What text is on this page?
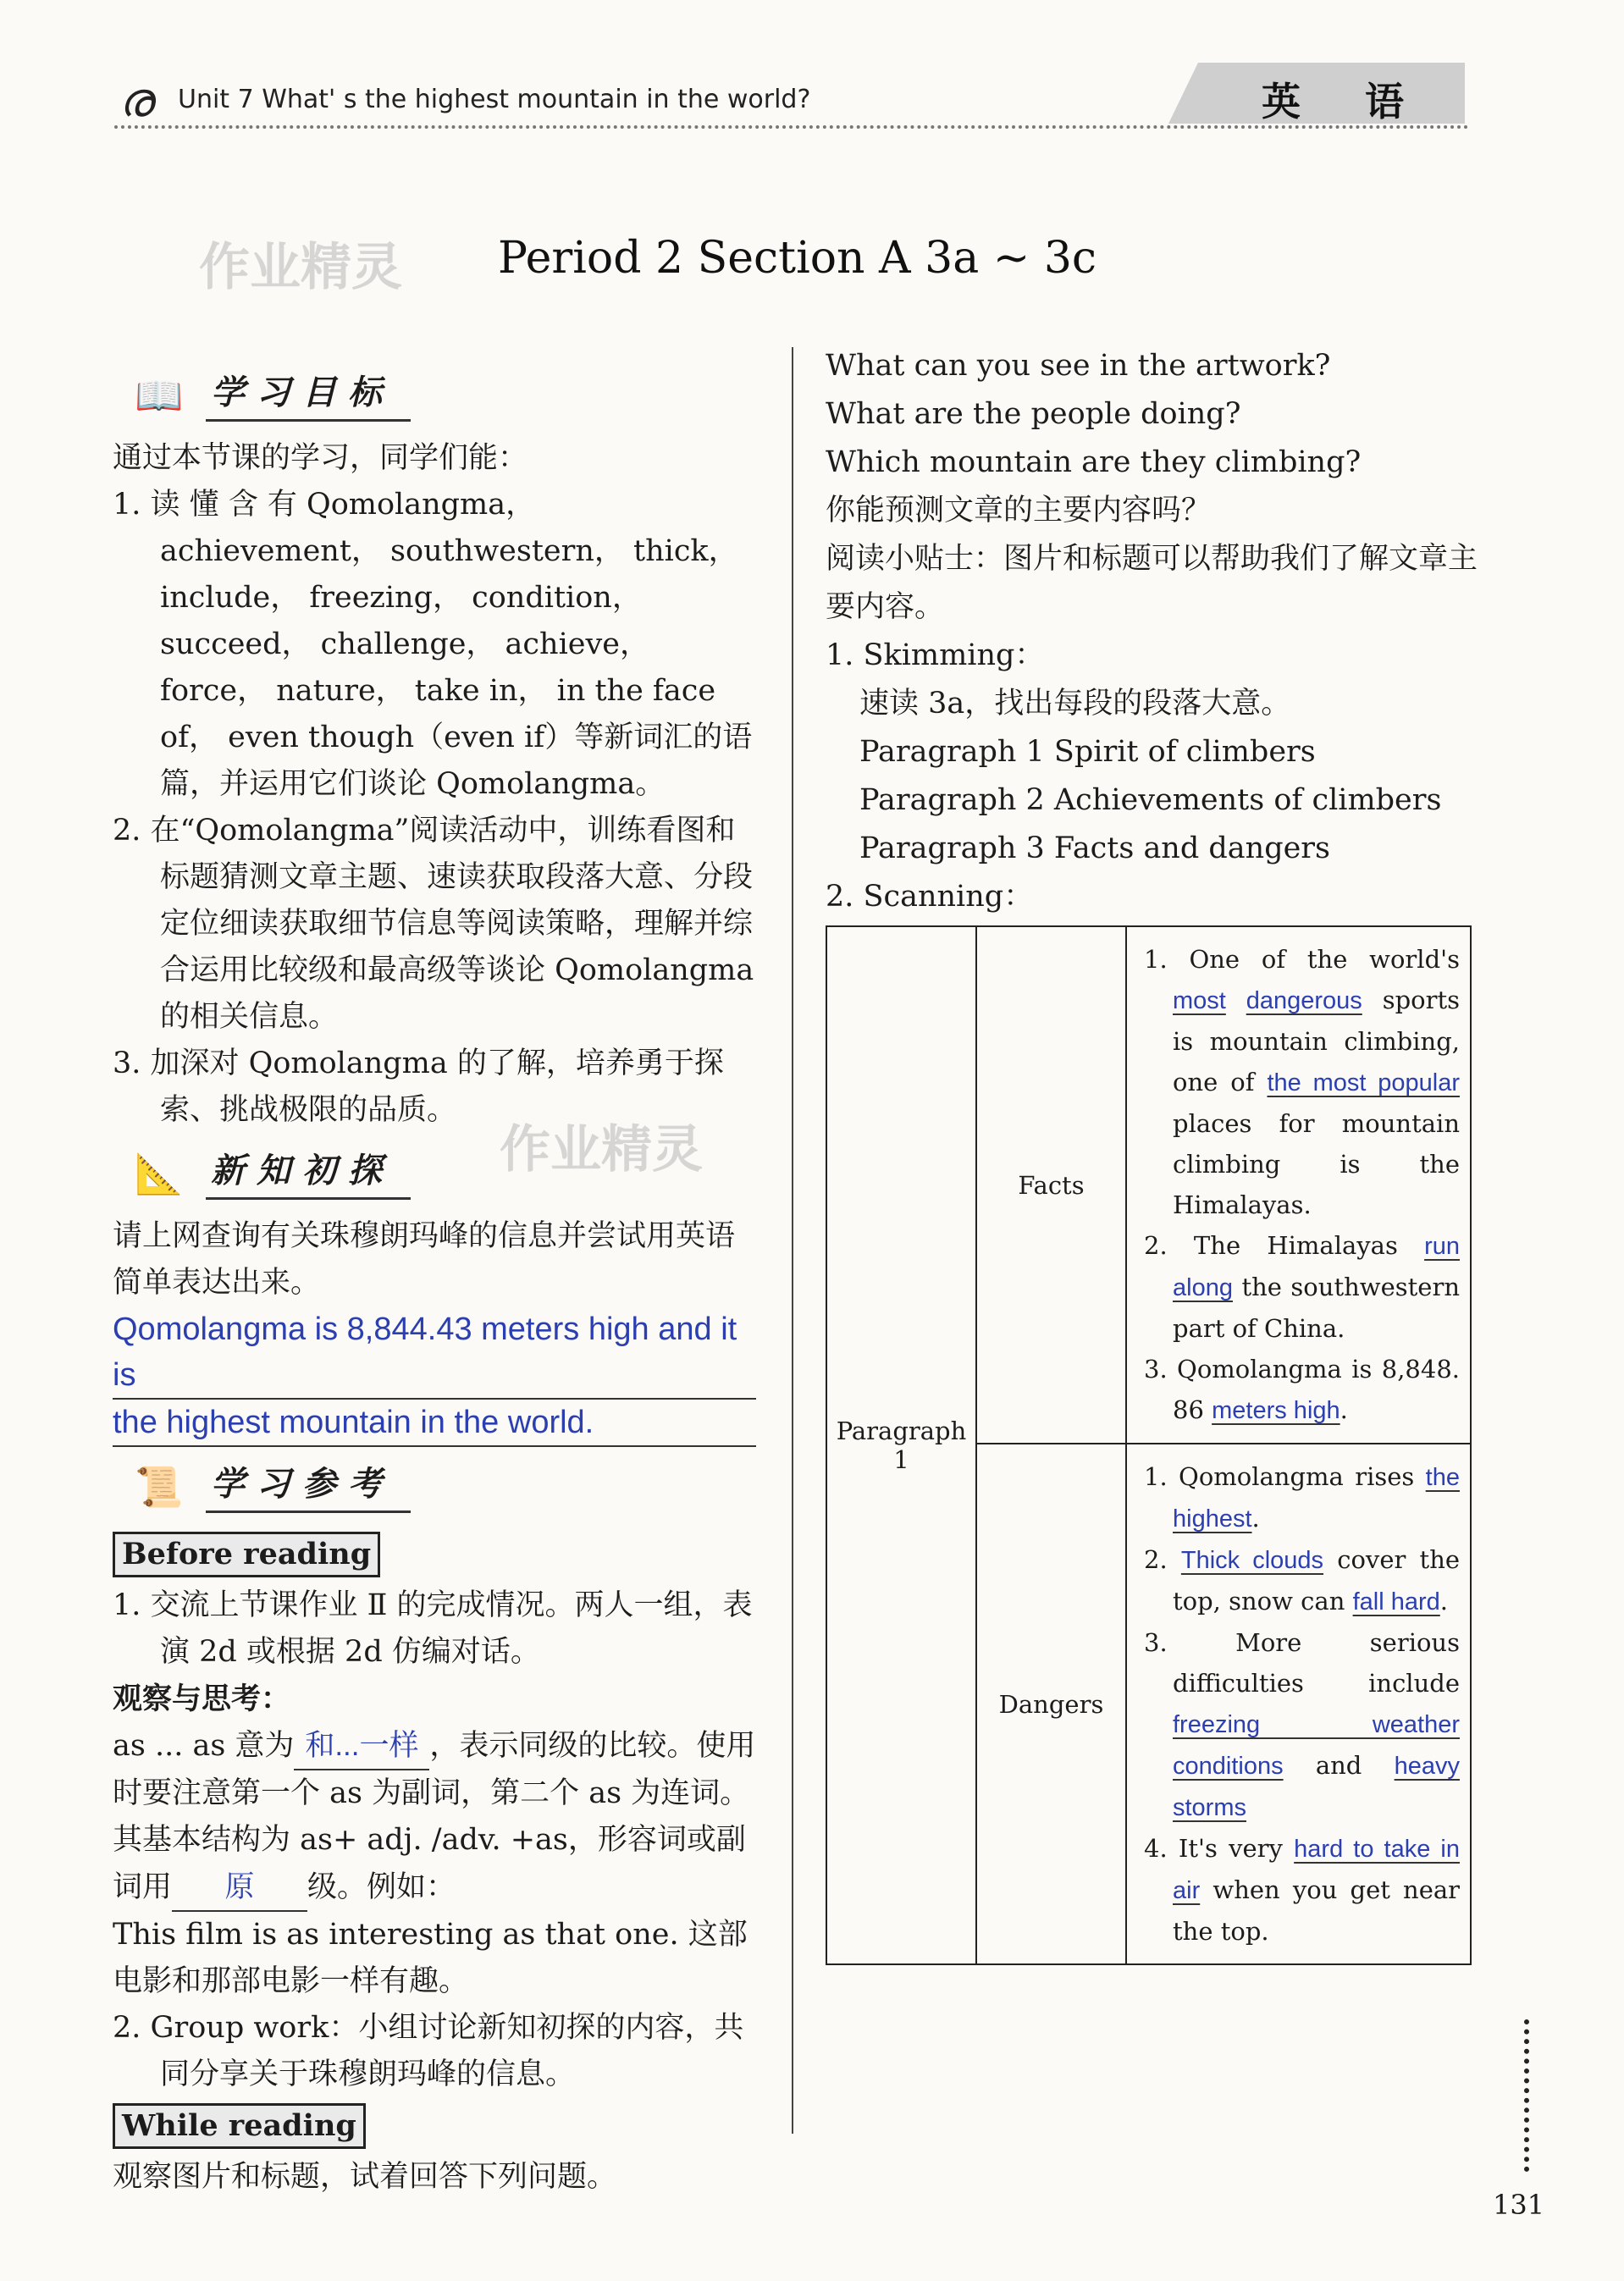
ര Unit 7 What' s the highest mountain in the world?	英 语
作业精灵
作业精灵
Period 2 Section A 3a ~ 3c
📖 学习目标
通过本节课的学习，同学们能：
1. 读 懂 含 有 Qomolangma， achievement， southwestern， thick， include， freezing， condition， succeed， challenge， achieve， force， nature， take in， in the face of， even though（even if）等新词汇的语篇，并运用它们谈论 Qomolangma。
2. 在“Qomolangma”阅读活动中，训练看图和标题猜测文章主题、速读获取段落大意、分段定位细读获取细节信息等阅读策略，理解并综合运用比较级和最高级等谈论 Qomolangma 的相关信息。
3. 加深对 Qomolangma 的了解，培养勇于探索、挑战极限的品质。
📐 新知初探
请上网查询有关珠穆朗玛峰的信息并尝试用英语简单表达出来。
Qomolangma is 8,844.43 meters high and it is
the highest mountain in the world.
📜 学习参考
Before reading
1. 交流上节课作业 Ⅱ 的完成情况。两人一组，表演 2d 或根据 2d 仿编对话。
观察与思考：
as ... as 意为 和...一样 ，表示同级的比较。使用时要注意第一个 as 为副词，第二个 as 为连词。其基本结构为 as+ adj. /adv. +as，形容词或副词用 原 级。例如：
This film is as interesting as that one. 这部电影和那部电影一样有趣。
2. Group work：小组讨论新知初探的内容，共同分享关于珠穆朗玛峰的信息。
While reading
观察图片和标题，试着回答下列问题。
What can you see in the artwork?
What are the people doing?
Which mountain are they climbing?
你能预测文章的主要内容吗？
阅读小贴士：图片和标题可以帮助我们了解文章主要内容。
1. Skimming：
速读 3a，找出每段的段落大意。
Paragraph 1 Spirit of climbers
Paragraph 2 Achievements of climbers
Paragraph 3 Facts and dangers
2. Scanning：
Paragraph 1	Facts	1. One of the world's most dangerous sports is mountain climbing, one of the most popular places for mountain climbing is the Himalayas.
2. The Himalayas run along the southwestern part of China.
3. Qomolangma is 8,848. 86 meters high.

	Dangers	1. Qomolangma rises the highest.
2. Thick clouds cover the top, snow can fall hard.
3. More serious difficulties include freezing weather conditions and heavy storms
4. It's very hard to take in air when you get near the top.
131
